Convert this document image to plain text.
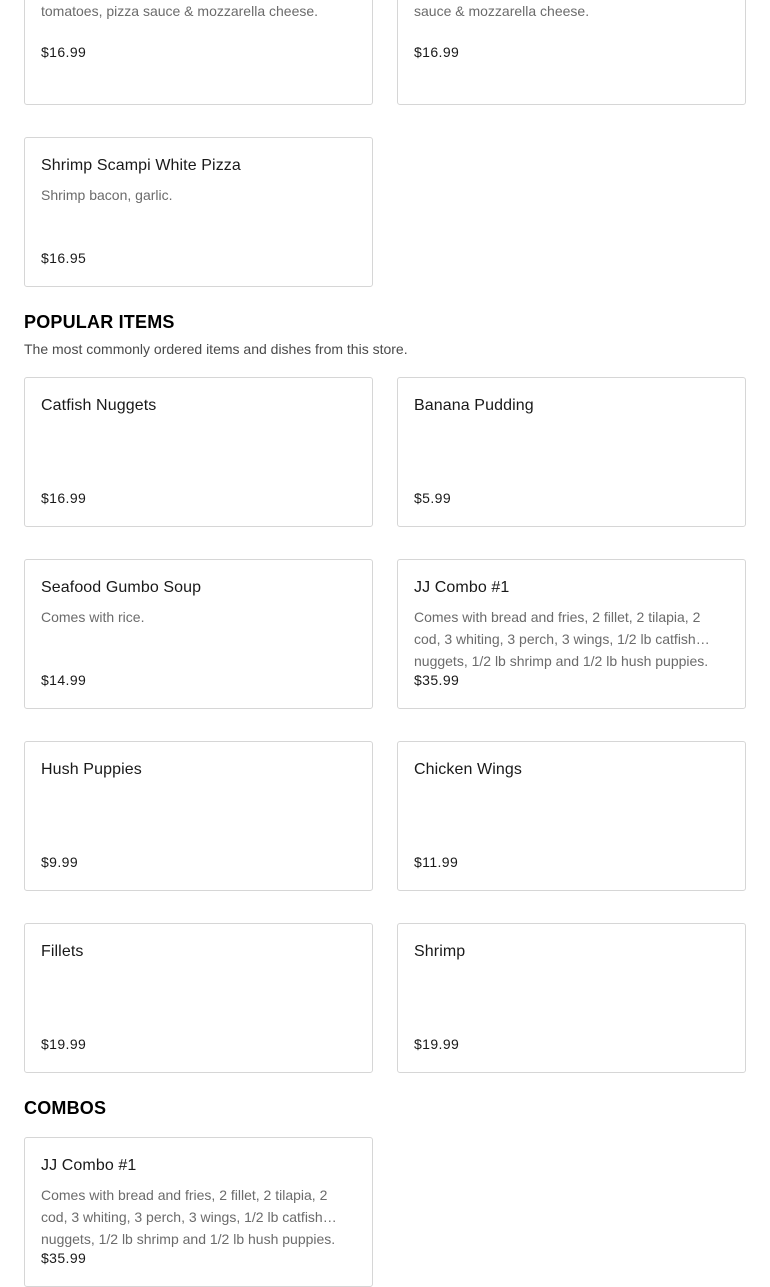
tomatoes, pizza sauce & mozzarella cheese.
$16.99
sauce & mozzarella cheese.
$16.99
Shrimp Scampi White Pizza
Shrimp bacon, garlic.
$16.95
POPULAR ITEMS
The most commonly ordered items and dishes from this store.
Catfish Nuggets
$16.99
Banana Pudding
$5.99
Seafood Gumbo Soup
Comes with rice.
$14.99
JJ Combo #1
Comes with bread and fries, 2 fillet, 2 tilapia, 2 cod, 3 whiting, 3 perch, 3 wings, 1/2 lb catfish nuggets, 1/2 lb shrimp and 1/2 lb hush puppies.
$35.99
Hush Puppies
$9.99
Chicken Wings
$11.99
Fillets
$19.99
Shrimp
$19.99
COMBOS
JJ Combo #1
Comes with bread and fries, 2 fillet, 2 tilapia, 2 cod, 3 whiting, 3 perch, 3 wings, 1/2 lb catfish nuggets, 1/2 lb shrimp and 1/2 lb hush puppies.
$35.99
